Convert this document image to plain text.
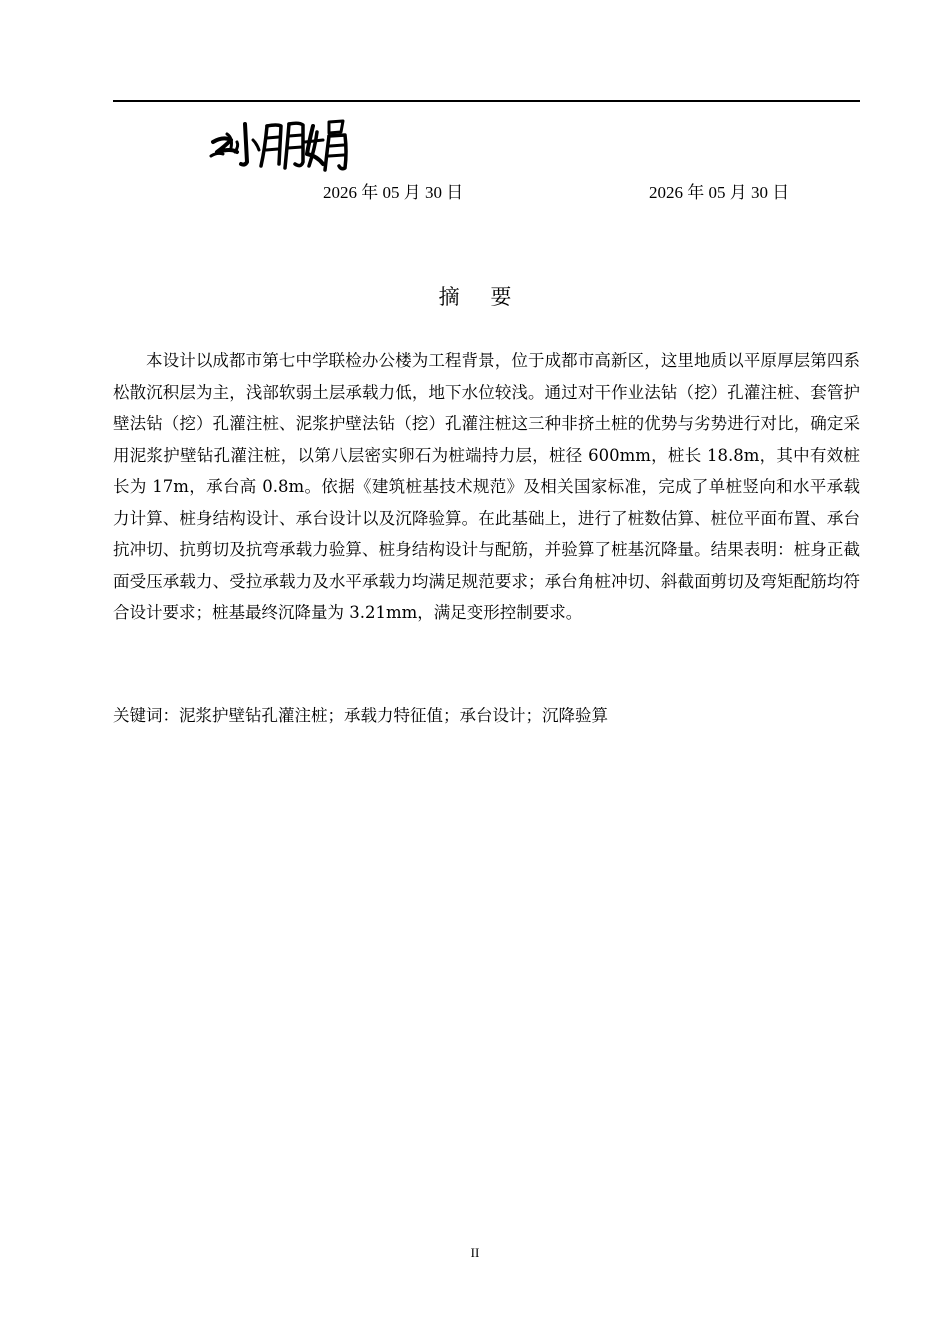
2026 年 05 月 30 日	2026 年 05 月 30 日
摘 要

本设计以成都市第七中学联检办公楼为工程背景，位于成都市高新区，这里地质以平原厚层第四系松散沉积层为主，浅部软弱土层承载力低，地下水位较浅。通过对干作业法钻（挖）孔灌注桩、套管护壁法钻（挖）孔灌注桩、泥浆护壁法钻（挖）孔灌注桩这三种非挤土桩的优势与劣势进行对比，确定采用泥浆护壁钻孔灌注桩，以第八层密实卵石为桩端持力层，桩径 600mm，桩长 18.8m，其中有效桩长为 17m，承台高 0.8m。依据《建筑桩基技术规范》及相关国家标准，完成了单桩竖向和水平承载力计算、桩身结构设计、承台设计以及沉降验算。在此基础上，进行了桩数估算、桩位平面布置、承台抗冲切、抗剪切及抗弯承载力验算、桩身结构设计与配筋，并验算了桩基沉降量。结果表明：桩身正截面受压承载力、受拉承载力及水平承载力均满足规范要求；承台角桩冲切、斜截面剪切及弯矩配筋均符合设计要求；桩基最终沉降量为 3.21mm，满足变形控制要求。

关键词：泥浆护壁钻孔灌注桩；承载力特征值；承台设计；沉降验算

II
